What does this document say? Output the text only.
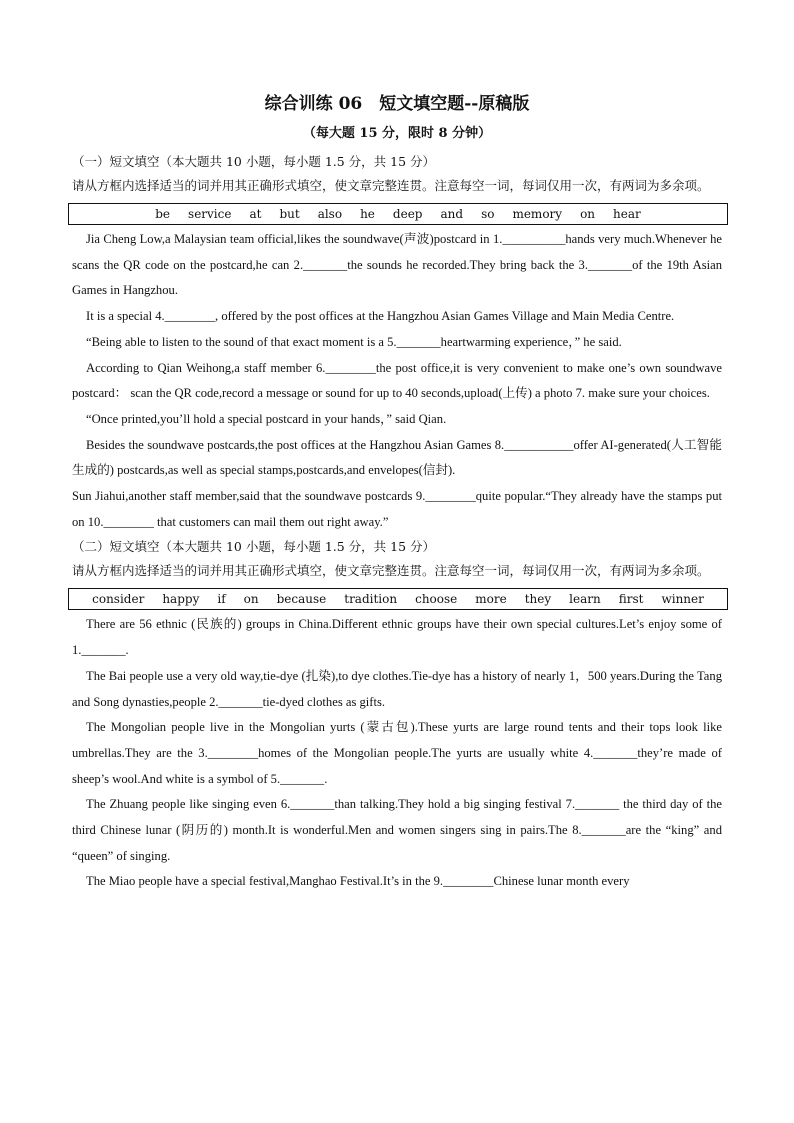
综合训练 06　短文填空题--原稿版
（每大题 15 分，限时 8 分钟）

（一）短文填空（本大题共 10 小题，每小题 1.5 分，共 15 分）

请从方框内选择适当的词并用其正确形式填空，使文章完整连贯。注意每空一词，每词仅用一次，有两词为多余项。

be service at but also he deep and so memory on hear

Jia Cheng Low,a Malaysian team official,likes the soundwave(声波)postcard in 1.__________hands very much.Whenever he scans the QR code on the postcard,he can 2._______the sounds he recorded.They bring back the 3._______of the 19th Asian Games in Hangzhou.

It is a special 4.________, offered by the post offices at the Hangzhou Asian Games Village and Main Media Centre.

“Being able to listen to the sound of that exact moment is a 5._______heartwarming experience，” he said.

According to Qian Weihong,a staff member 6.________the post office,it is very convenient to make one’s own soundwave postcard： scan the QR code,record a message or sound for up to 40 seconds,upload(上传) a photo 7. make sure your choices.

“Once printed,you’ll hold a special postcard in your hands，” said Qian.

Besides the soundwave postcards,the post offices at the Hangzhou Asian Games 8.___________offer AI-generated(人工智能生成的) postcards,as well as special stamps,postcards,and envelopes(信封).

Sun Jiahui,another staff member,said that the soundwave postcards 9.________quite popular.“They already have the stamps put on 10.________ that customers can mail them out right away.”

（二）短文填空（本大题共 10 小题，每小题 1.5 分，共 15 分）

请从方框内选择适当的词并用其正确形式填空，使文章完整连贯。注意每空一词，每词仅用一次，有两词为多余项。

consider happy if on because tradition choose more they learn first winner

There are 56 ethnic (民族的) groups in China.Different ethnic groups have their own special cultures.Let’s enjoy some of 1._______.

The Bai people use a very old way,tie-dye (扎染),to dye clothes.Tie-dye has a history of nearly 1，500 years.During the Tang and Song dynasties,people 2._______tie-dyed clothes as gifts.

The Mongolian people live in the Mongolian yurts (蒙古包).These yurts are large round tents and their tops look like umbrellas.They are the 3.________homes of the Mongolian people.The yurts are usually white 4._______they’re made of sheep’s wool.And white is a symbol of 5._______.

The Zhuang people like singing even 6._______than talking.They hold a big singing festival 7._______ the third day of the third Chinese lunar (阴历的) month.It is wonderful.Men and women singers sing in pairs.The 8._______are the “king” and “queen” of singing.

The Miao people have a special festival,Manghao Festival.It’s in the 9.________Chinese lunar month every
